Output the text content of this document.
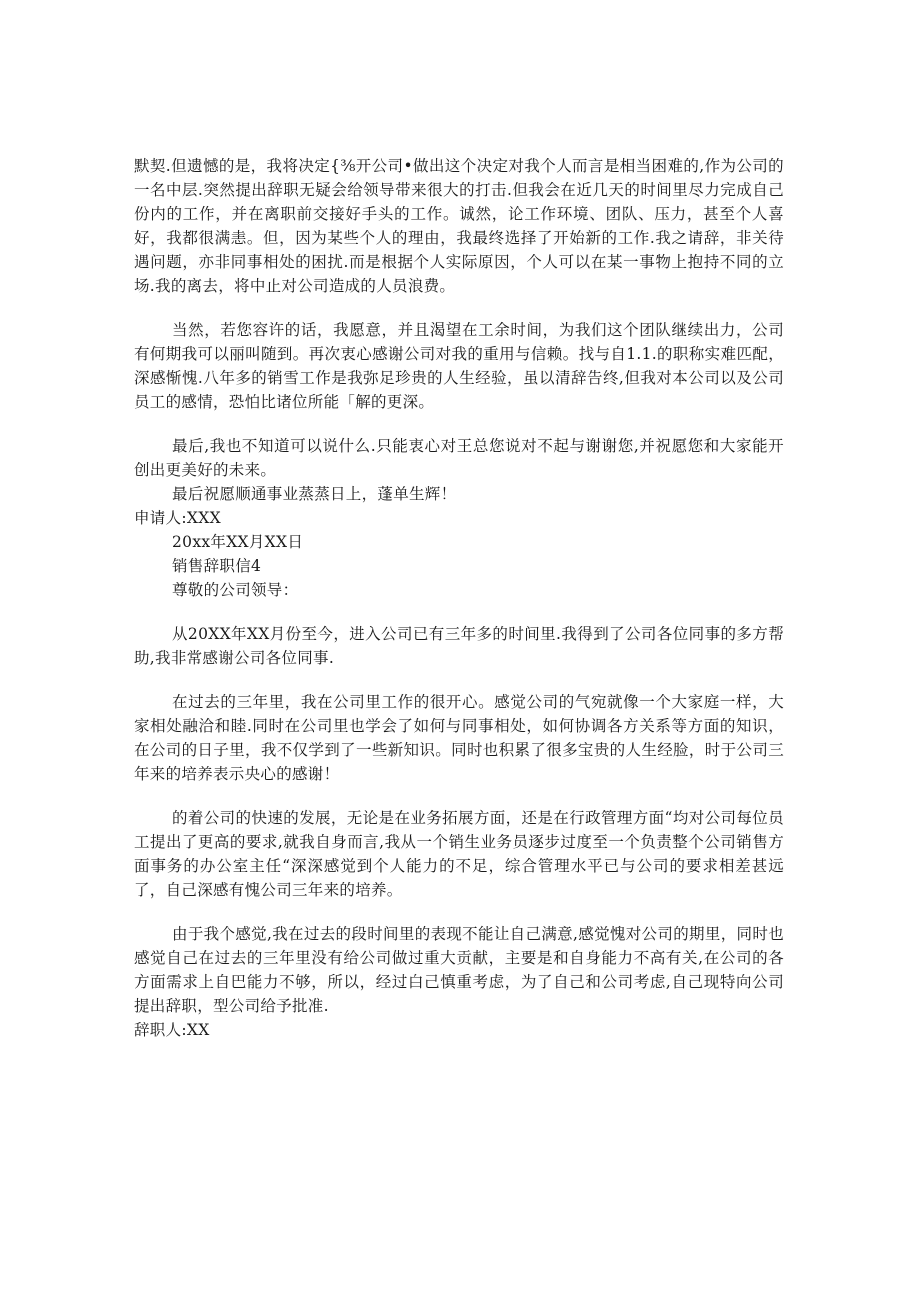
默契.但遗憾的是，我将决定{⅜开公司•做出这个决定对我个人而言是相当困难的,作为公司的一名中层.突然提出辞职无疑会给领导带来很大的打击.但我会在近几天的时间里尽力完成自己份内的工作，并在离职前交接好手头的工作。诚然，论工作环境、团队、压力，甚至个人喜好，我都很满恚。但，因为某些个人的理由，我最终选择了开始新的工作.我之请辞，非关待遇问题，亦非同事相处的困扰.而是根据个人实际原因，个人可以在某一事物上抱持不同的立场.我的离去，将中止对公司造成的人员浪费。

当然，若您容许的话，我愿意，并且渴望在工余时间，为我们这个团队继续出力，公司有何期我可以丽叫随到。再次衷心感谢公司对我的重用与信赖。找与自1.1.的职称实难匹配，深感惭愧.八年多的销雪工作是我弥足珍贵的人生经验，虽以清辞告终,但我对本公司以及公司员工的感情，恐怕比诸位所能「解的更深。

最后,我也不知道可以说什么.只能衷心对王总您说对不起与谢谢您,并祝愿您和大家能开创出更美好的未来。

最后祝愿顺通事业蒸蒸日上，蓬单生辉！

申请人:XXX

20xx年XX月XX日

销售辞职信4

尊敬的公司领导：

从20XX年XX月份至今，进入公司已有三年多的时间里.我得到了公司各位同事的多方帮助,我非常感谢公司各位同事.

在过去的三年里，我在公司里工作的很开心。感觉公司的气宛就像一个大家庭一样，大家相处融洽和睦.同时在公司里也学会了如何与同事相处，如何协调各方关系等方面的知识，在公司的日子里，我不仅学到了一些新知识。同时也积累了很多宝贵的人生经脸，时于公司三年来的培养表示央心的感谢！

的着公司的快速的发展，无论是在业务拓展方面，还是在行政管理方面“均对公司每位员工提出了更高的要求,就我自身而言,我从一个销生业务员逐步过度至一个负责整个公司销售方面事务的办公室主任“深深感觉到个人能力的不足，综合管理水平已与公司的要求相差甚远了，自己深感有愧公司三年来的培养。

由于我个感觉,我在过去的段时间里的表现不能让自己满意,感觉愧对公司的期里，同时也感觉自己在过去的三年里没有给公司做过重大贡献，主要是和自身能力不高有关,在公司的各方面需求上自巴能力不够，所以，经过白己慎重考虑，为了自己和公司考虑,自己现特向公司提出辞职，型公司给予批准.

辞职人:XX
